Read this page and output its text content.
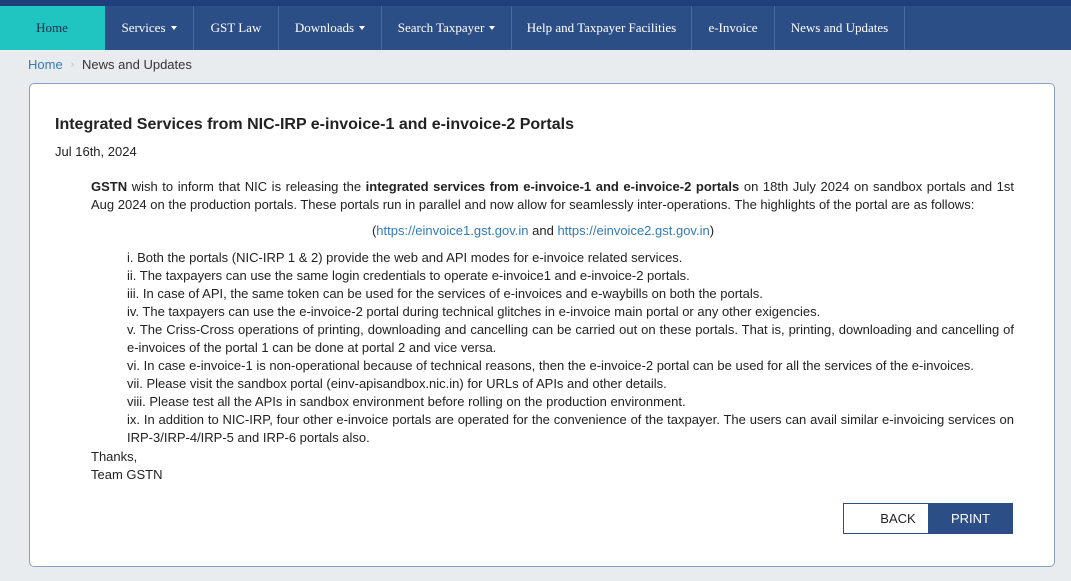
Home	Services	GST Law	Downloads	Search Taxpayer	Help and Taxpayer Facilities e-Invoice	News and Updates
Home › News and Updates
Integrated Services from NIC-IRP e-invoice-1 and e-invoice-2 Portals
Jul 16th, 2024

GSTN wish to inform that NIC is releasing the integrated services from e-invoice-1 and e-invoice-2 portals on 18th July 2024 on sandbox portals and 1st Aug 2024 on the production portals. These portals run in parallel and now allow for seamlessly inter-operations. The highlights of the portal are as follows:

(https://einvoice1.gst.gov.in and https://einvoice2.gst.gov.in)
i. Both the portals (NIC-IRP 1 & 2) provide the web and API modes for e-invoice related services.
ii. The taxpayers can use the same login credentials to operate e-invoice1 and e-invoice-2 portals.
iii. In case of API, the same token can be used for the services of e-invoices and e-waybills on both the portals.
iv. The taxpayers can use the e-invoice-2 portal during technical glitches in e-invoice main portal or any other exigencies.
v. The Criss-Cross operations of printing, downloading and cancelling can be carried out on these portals. That is, printing, downloading and cancelling of e-invoices of the portal 1 can be done at portal 2 and vice versa.
vi. In case e-invoice-1 is non-operational because of technical reasons, then the e-invoice-2 portal can be used for all the services of the e-invoices.
vii. Please visit the sandbox portal (einv-apisandbox.nic.in) for URLs of APIs and other details.
viii. Please test all the APIs in sandbox environment before rolling on the production environment.
ix. In addition to NIC-IRP, four other e-invoice portals are operated for the convenience of the taxpayer. The users can avail similar e-invoicing services on IRP-3/IRP-4/IRP-5 and IRP-6 portals also.
Thanks,
Team GSTN
BACK	PRINT
